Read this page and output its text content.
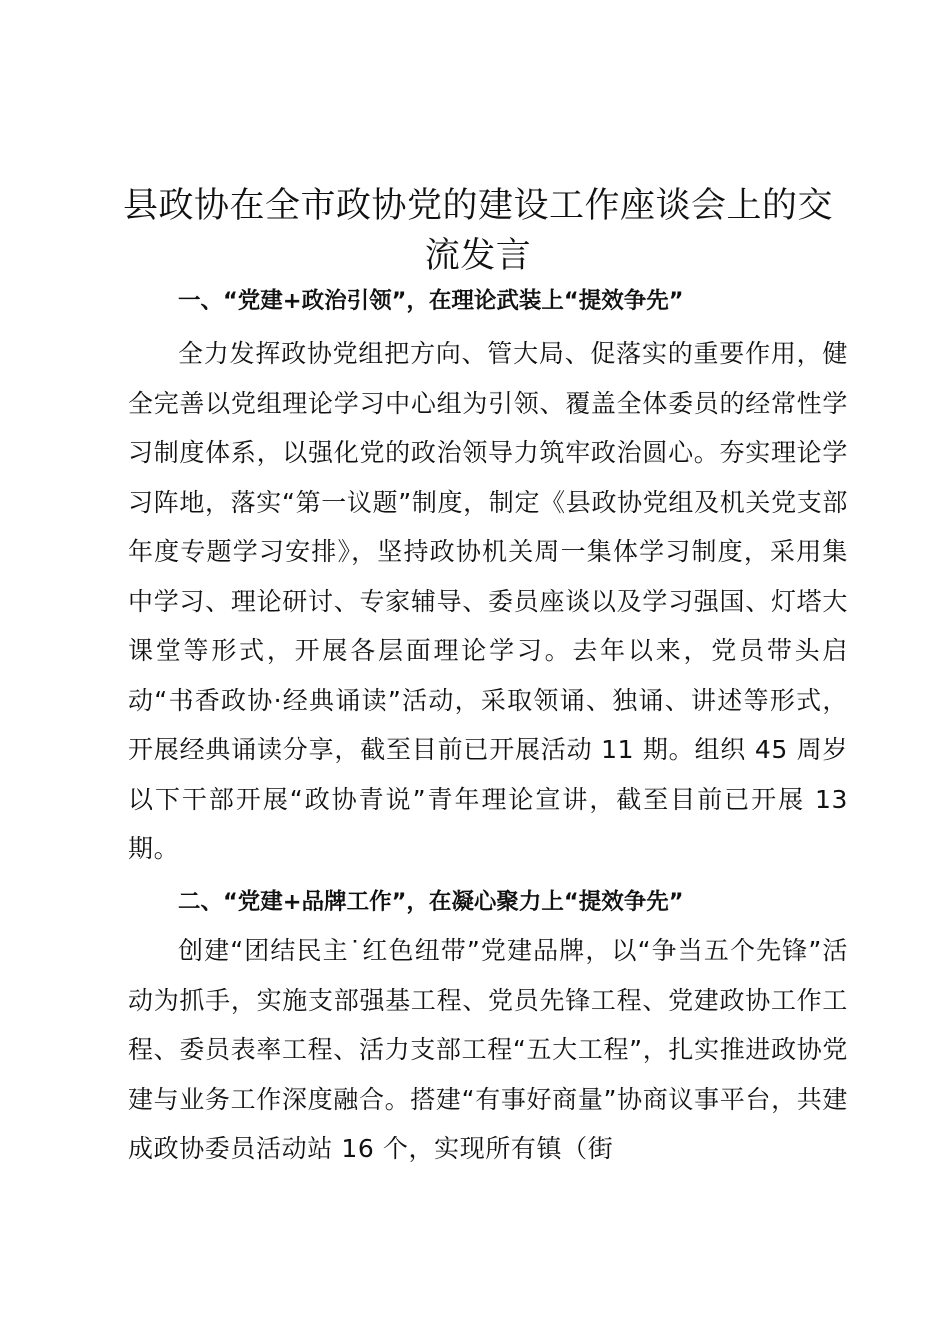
县政协在全市政协党的建设工作座谈会上的交流发言
一、“党建+政治引领”，在理论武装上“提效争先”

全力发挥政协党组把方向、管大局、促落实的重要作用，健全完善以党组理论学习中心组为引领、覆盖全体委员的经常性学习制度体系，以强化党的政治领导力筑牢政治圆心。夯实理论学习阵地，落实“第一议题”制度，制定《县政协党组及机关党支部年度专题学习安排》，坚持政协机关周一集体学习制度，采用集中学习、理论研讨、专家辅导、委员座谈以及学习强国、灯塔大课堂等形式，开展各层面理论学习。去年以来，党员带头启动“书香政协·经典诵读”活动，采取领诵、独诵、讲述等形式，开展经典诵读分享，截至目前已开展活动 11 期。组织 45 周岁以下干部开展“政协青说”青年理论宣讲，截至目前已开展 13 期。

二、“党建+品牌工作”，在凝心聚力上“提效争先”

创建“团结民主˙红色纽带”党建品牌，以“争当五个先锋”活动为抓手，实施支部强基工程、党员先锋工程、党建政协工作工程、委员表率工程、活力支部工程“五大工程”，扎实推进政协党建与业务工作深度融合。搭建“有事好商量”协商议事平台，共建成政协委员活动站 16 个，实现所有镇（街
